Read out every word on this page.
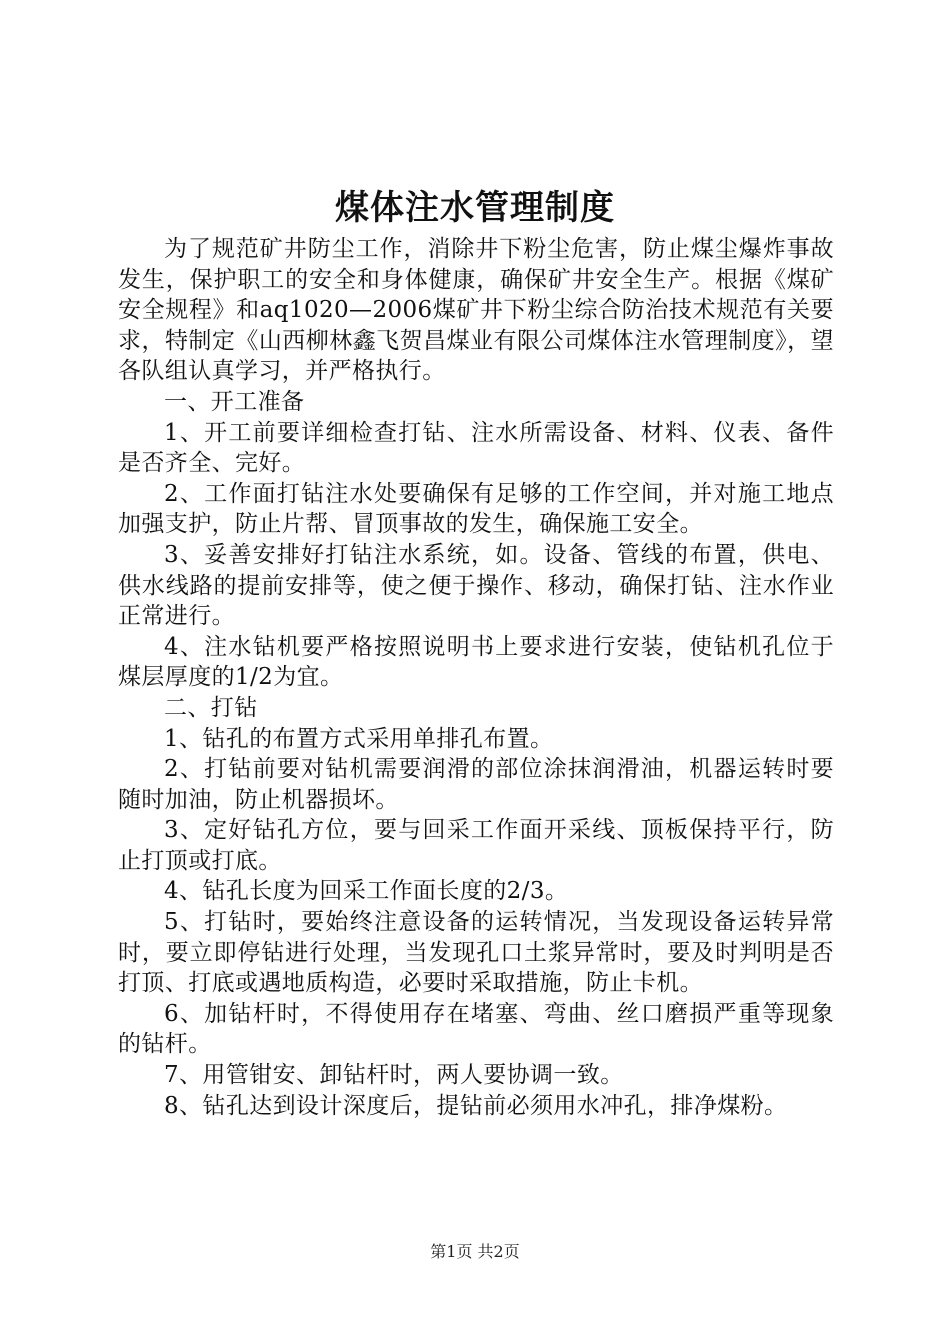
煤体注水管理制度

为了规范矿井防尘工作，消除井下粉尘危害，防止煤尘爆炸事故发生，保护职工的安全和身体健康，确保矿井安全生产。根据《煤矿安全规程》和aq1020—2006煤矿井下粉尘综合防治技术规范有关要求，特制定《山西柳林鑫飞贺昌煤业有限公司煤体注水管理制度》，望各队组认真学习，并严格执行。

一、开工准备

1、开工前要详细检查打钻、注水所需设备、材料、仪表、备件是否齐全、完好。

2、工作面打钻注水处要确保有足够的工作空间，并对施工地点加强支护，防止片帮、冒顶事故的发生，确保施工安全。

3、妥善安排好打钻注水系统，如。设备、管线的布置，供电、供水线路的提前安排等，使之便于操作、移动，确保打钻、注水作业正常进行。

4、注水钻机要严格按照说明书上要求进行安装，使钻机孔位于煤层厚度的1/2为宜。

二、打钻

1、钻孔的布置方式采用单排孔布置。

2、打钻前要对钻机需要润滑的部位涂抹润滑油，机器运转时要随时加油，防止机器损坏。

3、定好钻孔方位，要与回采工作面开采线、顶板保持平行，防止打顶或打底。

4、钻孔长度为回采工作面长度的2/3。

5、打钻时，要始终注意设备的运转情况，当发现设备运转异常时，要立即停钻进行处理，当发现孔口土浆异常时，要及时判明是否打顶、打底或遇地质构造，必要时采取措施，防止卡机。

6、加钻杆时，不得使用存在堵塞、弯曲、丝口磨损严重等现象的钻杆。

7、用管钳安、卸钻杆时，两人要协调一致。

8、钻孔达到设计深度后，提钻前必须用水冲孔，排净煤粉。

第1页 共2页
